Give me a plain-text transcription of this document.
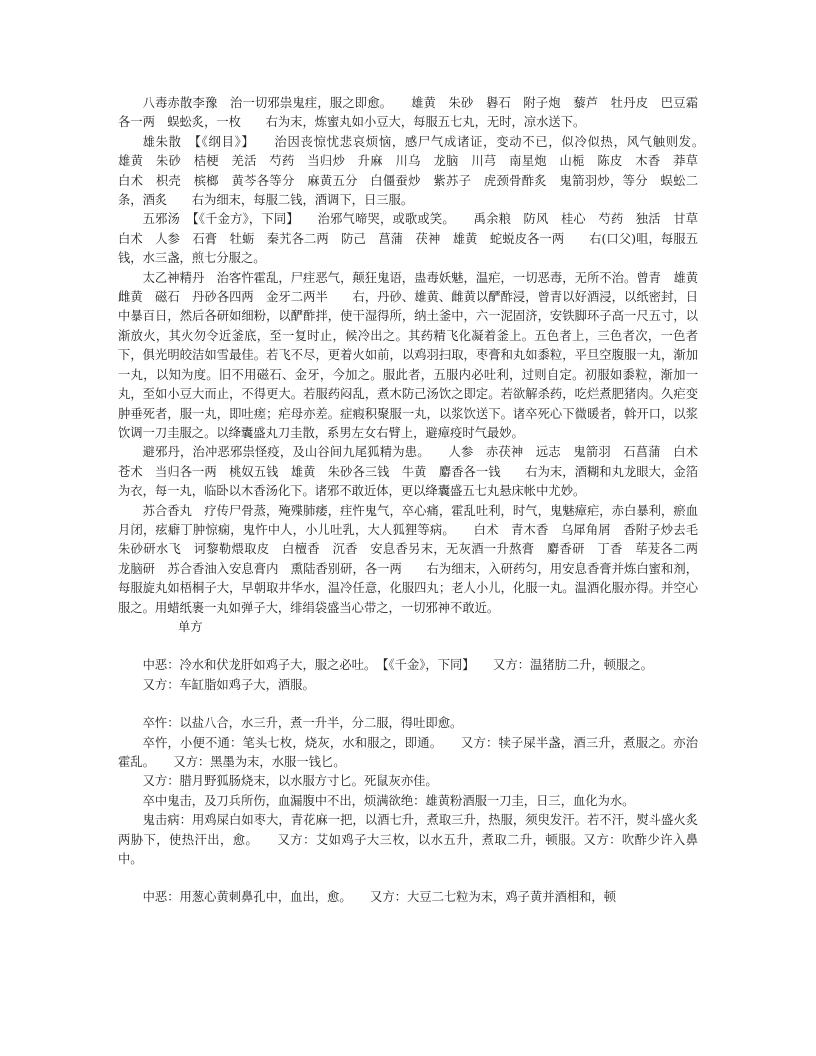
八毒赤散李豫　治一切邪祟鬼疰，服之即愈。　　雄黄　朱砂　礜石　附子炮　藜芦　牡丹皮　巴豆霜各一两　蜈蚣炙，一枚　　右为末，炼蜜丸如小豆大，每服五七丸，无时，凉水送下。

雄朱散　【《纲目》】　　治因丧惊忧悲哀烦恼，感尸气成诸证，变动不已，似冷似热，风气触则发。　　雄黄　朱砂　桔梗　羌活　芍药　当归炒　升麻　川乌　龙脑　川芎　南星炮　山栀　陈皮　木香　莽草　白术　枳壳　槟榔　黄芩各等分　麻黄五分　白僵蚕炒　紫苏子　虎颈骨酢炙　鬼箭羽炒，等分　蜈蚣二条，酒炙　　右为细末，每服二钱，酒调下，日三服。

五邪汤　【《千金方》，下同】　　治邪气啼哭，或歌或笑。　　禹余粮　防风　桂心　芍药　独活　甘草　白术　人参　石膏　牡蛎　秦艽各二两　防己　菖蒲　茯神　雄黄　蛇蜕皮各一两　　右(口父)咀，每服五钱，水三盏，煎七分服之。

太乙神精丹　治客忤霍乱，尸疰恶气，颠狂鬼语，蛊毒妖魅，温疟，一切恶毒，无所不治。曾青　雄黄　雌黄　磁石　丹砂各四两　金牙二两半　　右，丹砂、雄黄、雌黄以酽酢浸，曾青以好酒浸，以纸密封，日中暴百日，然后各研如细粉，以酽酢拌，使干湿得所，纳土釜中，六一泥固济，安铁脚环子高一尺五寸，以渐放火，其火勿令近釜底，至一复时止，候冷出之。其药精飞化凝着釜上。五色者上，三色者次，一色者下，俱光明皎洁如雪最佳。若飞不尽，更着火如前，以鸡羽扫取，枣膏和丸如黍粒，平旦空腹服一丸，渐加一丸，以知为度。旧不用磁石、金牙，今加之。服此者，五服内必吐利，过则自定。初服如黍粒，渐加一丸，至如小豆大而止，不得更大。若服药闷乱，煮木防己汤饮之即定。若欲解杀药，吃烂煮肥猪肉。久疟变肿垂死者，服一丸，即吐瘥；疟母亦差。症瘕积聚服一丸，以浆饮送下。诸卒死心下微暖者，斡开口，以浆饮调一刀圭服之。以绛囊盛丸刀圭散，系男左女右臂上，避瘴疫时气最妙。

避邪丹，治冲恶邪祟怪疫，及山谷间九尾狐精为患。　　人参　赤茯神　远志　鬼箭羽　石菖蒲　白术　苍术　当归各一两　桃奴五钱　雄黄　朱砂各三钱　牛黄　麝香各一钱　　右为末，酒糊和丸龙眼大，金箔为衣，每一丸，临卧以木香汤化下。诸邪不敢近体，更以绛囊盛五七丸悬床帐中尤妙。

苏合香丸　疗传尸骨蒸，殗殜肺痿，疰忤鬼气，卒心痛，霍乱吐利，时气，鬼魅瘴疟，赤白暴利，瘀血月闭，痃癖丁肿惊痫，鬼忤中人，小儿吐乳，大人狐狸等病。　　白术　青木香　乌犀角屑　香附子炒去毛　朱砂研水飞　诃黎勒煨取皮　白檀香　沉香　安息香另末，无灰酒一升熬膏　麝香研　丁香　荜茇各二两　龙脑研　苏合香油入安息膏内　熏陆香别研，各一两　　右为细末，入研药匀，用安息香膏并炼白蜜和剂，每服旋丸如梧桐子大，早朝取井华水，温冷任意，化服四丸；老人小儿，化服一丸。温酒化服亦得。并空心服之。用蜡纸裹一丸如弹子大，绯绢袋盛当心带之，一切邪神不敢近。

单方

中恶：冷水和伏龙肝如鸡子大，服之必吐。　【《千金》，下同】　　又方：温猪肪二升，顿服之。

又方：车缸脂如鸡子大，酒服。

卒忤：以盐八合，水三升，煮一升半，分二服，得吐即愈。

卒忤，小便不通：笔头七枚，烧灰，水和服之，即通。　　又方：犊子屎半盏，酒三升，煮服之。亦治霍乱。　　又方：黑墨为末，水服一钱匕。

又方：腊月野狐肠烧末，以水服方寸匕。死鼠灰亦佳。

卒中鬼击，及刀兵所伤，血漏腹中不出，烦满欲绝：雄黄粉酒服一刀圭，日三，血化为水。

鬼击病：用鸡屎白如枣大，青花麻一把，以酒七升，煮取三升，热服，须臾发汗。若不汗，熨斗盛火炙两胁下，使热汗出，愈。　　又方：艾如鸡子大三枚，以水五升，煮取二升，顿服。又方：吹酢少许入鼻中。

中恶：用葱心黄刺鼻孔中，血出，愈。　　又方：大豆二七粒为末，鸡子黄并酒相和，顿
